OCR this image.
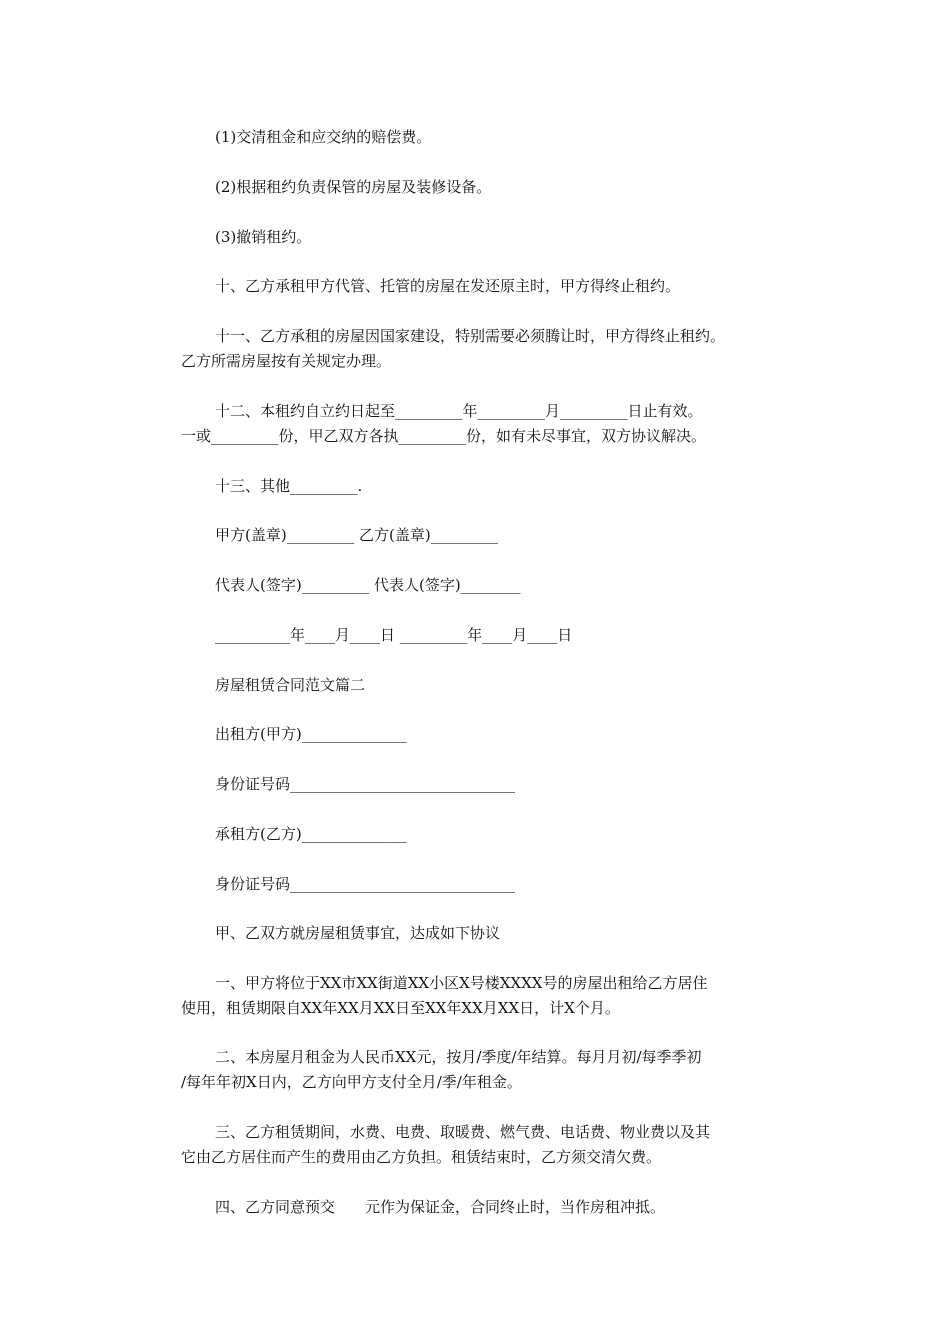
(1)交清租金和应交纳的赔偿费。
(2)根据租约负责保管的房屋及装修设备。
(3)撤销租约。
十、乙方承租甲方代管、托管的房屋在发还原主时，甲方得终止租约。
十一、乙方承租的房屋因国家建设，特别需要必须腾让时，甲方得终止租约。
乙方所需房屋按有关规定办理。
十二、本租约自立约日起至_________年_________月_________日止有效。
一或_________份，甲乙双方各执_________份，如有未尽事宜，双方协议解决。
十三、其他_________.
甲方(盖章)_________ 乙方(盖章)_________
代表人(签字)_________ 代表人(签字)________
__________年____月____日 _________年____月____日
房屋租赁合同范文篇二
出租方(甲方)______________
身份证号码______________________________
承租方(乙方)______________
身份证号码______________________________
甲、乙双方就房屋租赁事宜，达成如下协议
一、甲方将位于XX市XX街道XX小区X号楼XXXX号的房屋出租给乙方居住
使用，租赁期限自XX年XX月XX日至XX年XX月XX日，计X个月。
二、本房屋月租金为人民币XX元，按月/季度/年结算。每月月初/每季季初
/每年年初X日内，乙方向甲方支付全月/季/年租金。
三、乙方租赁期间，水费、电费、取暖费、燃气费、电话费、物业费以及其
它由乙方居住而产生的费用由乙方负担。租赁结束时，乙方须交清欠费。
四、乙方同意预交　　元作为保证金，合同终止时，当作房租冲抵。
